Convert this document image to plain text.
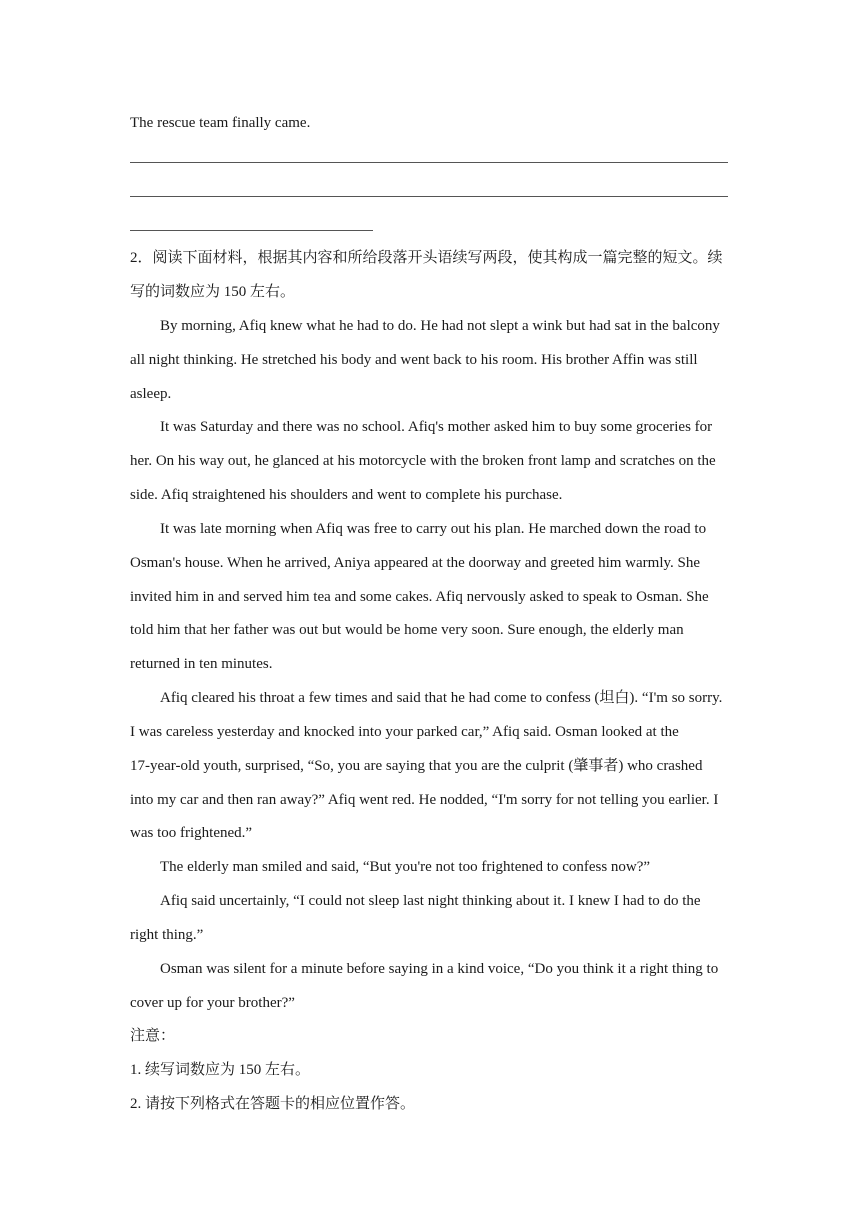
The rescue team finally came.
2．阅读下面材料，根据其内容和所给段落开头语续写两段，使其构成一篇完整的短文。续
写的词数应为 150 左右。
By morning, Afiq knew what he had to do. He had not slept a wink but had sat in the balcony
all night thinking. He stretched his body and went back to his room. His brother Affin was still
asleep.
It was Saturday and there was no school. Afiq's mother asked him to buy some groceries for
her. On his way out, he glanced at his motorcycle with the broken front lamp and scratches on the
side. Afiq straightened his shoulders and went to complete his purchase.
It was late morning when Afiq was free to carry out his plan. He marched down the road to
Osman's house. When he arrived, Aniya appeared at the doorway and greeted him warmly. She
invited him in and served him tea and some cakes. Afiq nervously asked to speak to Osman. She
told him that her father was out but would be home very soon. Sure enough, the elderly man
returned in ten minutes.
Afiq cleared his throat a few times and said that he had come to confess (坦白). “I'm so sorry.
I was careless yesterday and knocked into your parked car,” Afiq said. Osman looked at the
17-year-old youth, surprised, “So, you are saying that you are the culprit (肇事者) who crashed
into my car and then ran away?” Afiq went red. He nodded, “I'm sorry for not telling you earlier. I
was too frightened.”
The elderly man smiled and said, “But you're not too frightened to confess now?”
Afiq said uncertainly, “I could not sleep last night thinking about it. I knew I had to do the
right thing.”
Osman was silent for a minute before saying in a kind voice, “Do you think it a right thing to
cover up for your brother?”
注意：
1. 续写词数应为 150 左右。
2. 请按下列格式在答题卡的相应位置作答。
